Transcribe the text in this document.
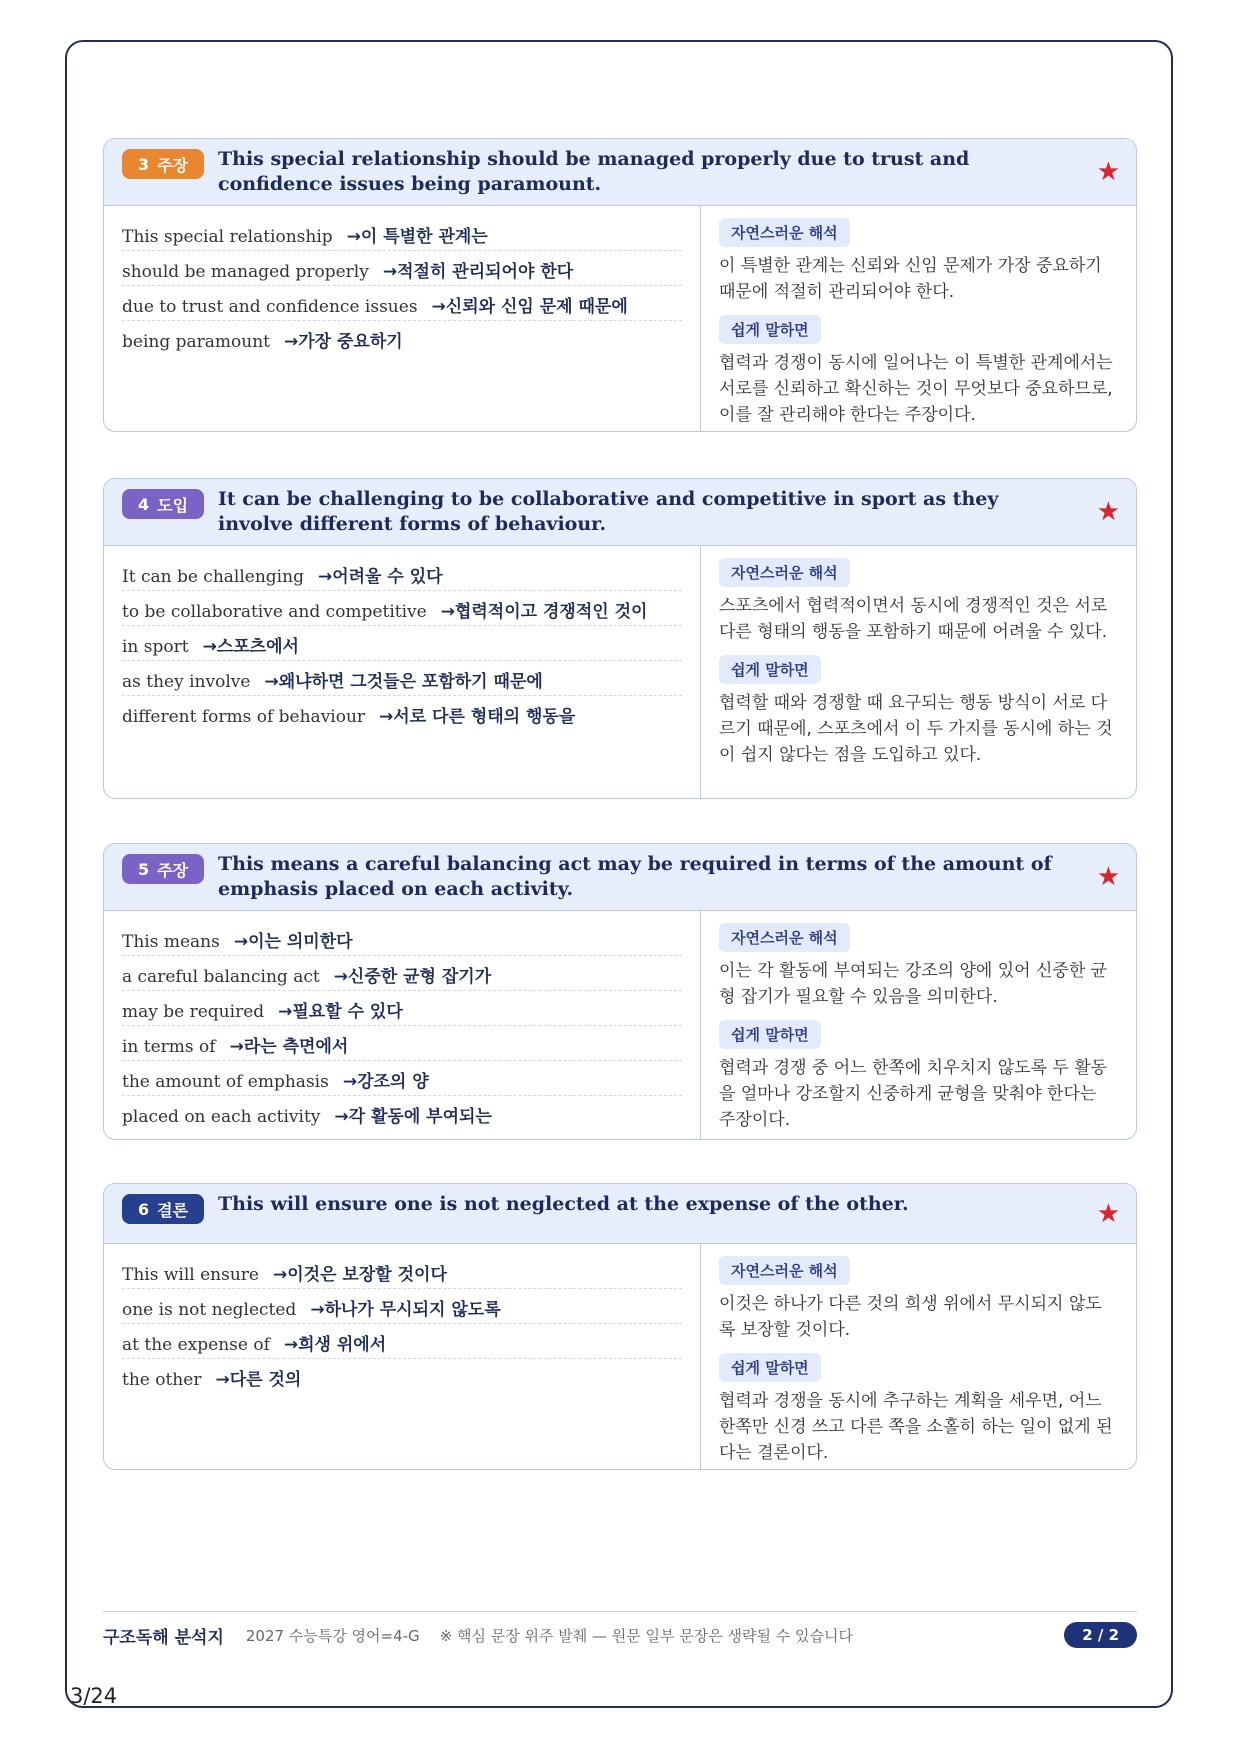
3 주장 This special relationship should be managed properly due to trust and confidence issues being paramount.	★
This special relationship →이 특별한 관계는
should be managed properly →적절히 관리되어야 한다
due to trust and confidence issues →신뢰와 신임 문제 때문에
being paramount →가장 중요하기
자연스러운 해석

이 특별한 관계는 신뢰와 신임 문제가 가장 중요하기 때문에 적절히 관리되어야 한다.

쉽게 말하면

협력과 경쟁이 동시에 일어나는 이 특별한 관계에서는 서로를 신뢰하고 확신하는 것이 무엇보다 중요하므로, 이를 잘 관리해야 한다는 주장이다.

4 도입 It can be challenging to be collaborative and competitive in sport as they involve different forms of behaviour.	★
It can be challenging →어려울 수 있다
to be collaborative and competitive →협력적이고 경쟁적인 것이
in sport →스포츠에서
as they involve →왜냐하면 그것들은 포함하기 때문에
different forms of behaviour →서로 다른 형태의 행동을
자연스러운 해석

스포츠에서 협력적이면서 동시에 경쟁적인 것은 서로 다른 형태의 행동을 포함하기 때문에 어려울 수 있다.

쉽게 말하면

협력할 때와 경쟁할 때 요구되는 행동 방식이 서로 다르기 때문에, 스포츠에서 이 두 가지를 동시에 하는 것이 쉽지 않다는 점을 도입하고 있다.

5 주장 This means a careful balancing act may be required in terms of the amount of emphasis placed on each activity.	★
This means →이는 의미한다
a careful balancing act →신중한 균형 잡기가
may be required →필요할 수 있다
in terms of →라는 측면에서
the amount of emphasis →강조의 양
placed on each activity →각 활동에 부여되는
자연스러운 해석

이는 각 활동에 부여되는 강조의 양에 있어 신중한 균형 잡기가 필요할 수 있음을 의미한다.

쉽게 말하면

협력과 경쟁 중 어느 한쪽에 치우치지 않도록 두 활동을 얼마나 강조할지 신중하게 균형을 맞춰야 한다는 주장이다.

6 결론 This will ensure one is not neglected at the expense of the other.	★
This will ensure →이것은 보장할 것이다
one is not neglected →하나가 무시되지 않도록
at the expense of →희생 위에서
the other →다른 것의
자연스러운 해석

이것은 하나가 다른 것의 희생 위에서 무시되지 않도록 보장할 것이다.

쉽게 말하면

협력과 경쟁을 동시에 추구하는 계획을 세우면, 어느 한쪽만 신경 쓰고 다른 쪽을 소홀히 하는 일이 없게 된다는 결론이다.

구조독해 분석지 2027 수능특강 영어=4-G ※ 핵심 문장 위주 발췌 — 원문 일부 문장은 생략될 수 있습니다	2 / 2
3/24
